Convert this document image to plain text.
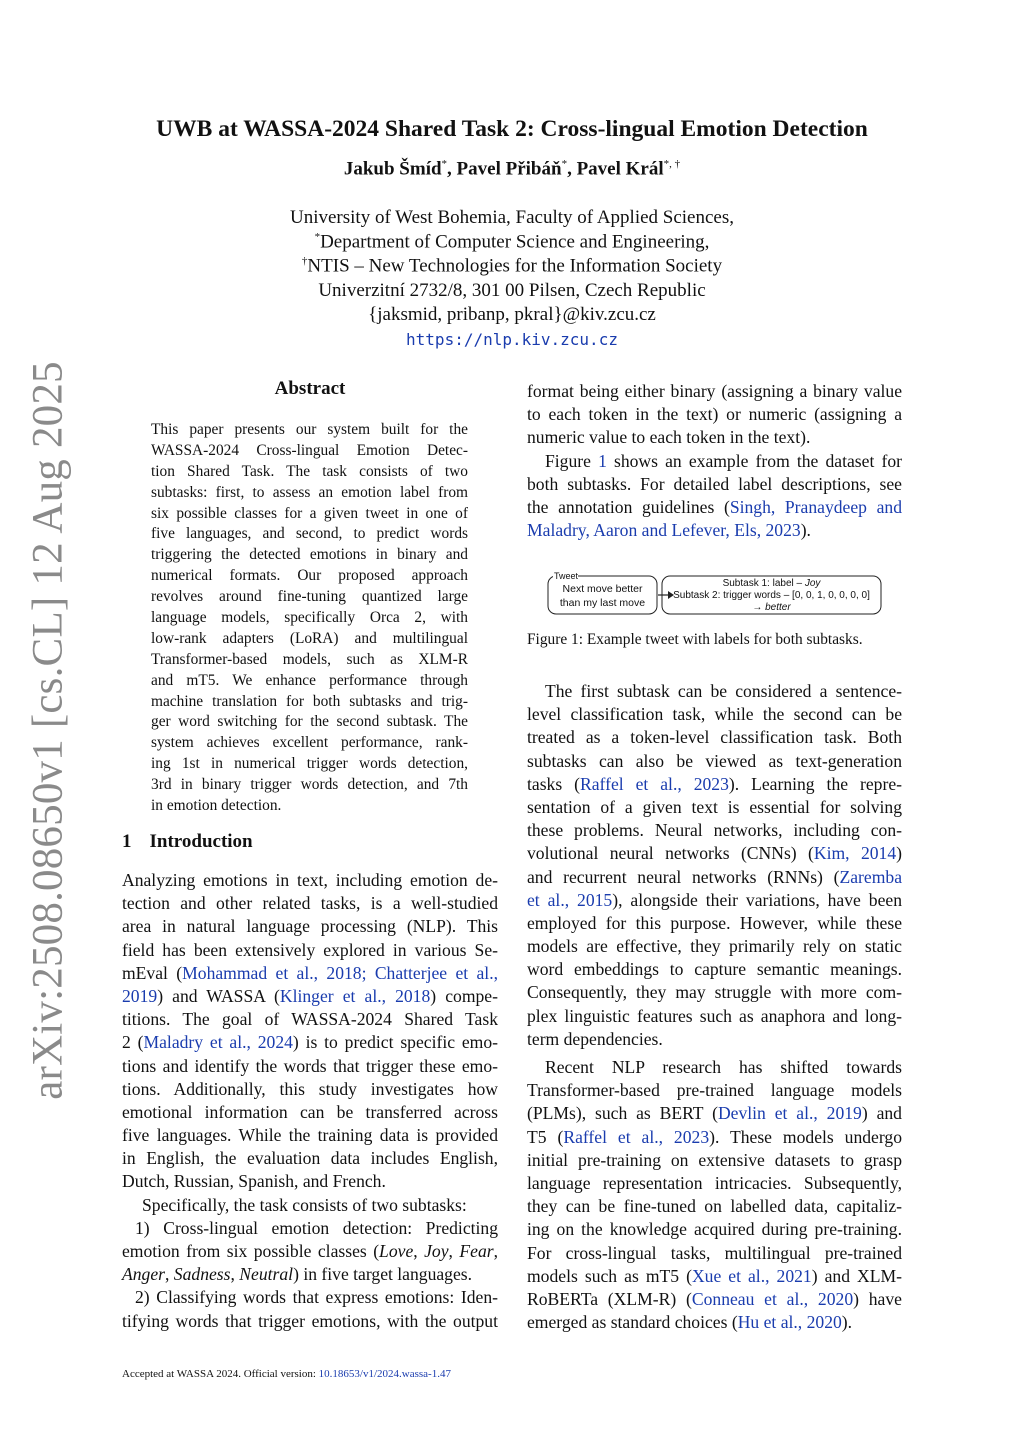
arXiv:2508.08650v1 [cs.CL] 12 Aug 2025
UWB at WASSA-2024 Shared Task 2: Cross-lingual Emotion Detection
Jakub Šmíd*, Pavel Přibáň*, Pavel Král*, †
University of West Bohemia, Faculty of Applied Sciences,
*Department of Computer Science and Engineering,
†NTIS – New Technologies for the Information Society
Univerzitní 2732/8, 301 00 Pilsen, Czech Republic
{jaksmid, pribanp, pkral}@kiv.zcu.cz
https://nlp.kiv.zcu.cz
Abstract
This paper presents our system built for the
WASSA-2024 Cross-lingual Emotion Detec-
tion Shared Task. The task consists of two
subtasks: first, to assess an emotion label from
six possible classes for a given tweet in one of
five languages, and second, to predict words
triggering the detected emotions in binary and
numerical formats. Our proposed approach
revolves around fine-tuning quantized large
language models, specifically Orca 2, with
low-rank adapters (LoRA) and multilingual
Transformer-based models, such as XLM-R
and mT5. We enhance performance through
machine translation for both subtasks and trig-
ger word switching for the second subtask. The
system achieves excellent performance, rank-
ing 1st in numerical trigger words detection,
3rd in binary trigger words detection, and 7th
in emotion detection.
1 Introduction
Analyzing emotions in text, including emotion de-
tection and other related tasks, is a well-studied
area in natural language processing (NLP). This
field has been extensively explored in various Se-
mEval (Mohammad et al., 2018; Chatterjee et al.,
2019) and WASSA (Klinger et al., 2018) compe-
titions. The goal of WASSA-2024 Shared Task
2 (Maladry et al., 2024) is to predict specific emo-
tions and identify the words that trigger these emo-
tions. Additionally, this study investigates how
emotional information can be transferred across
five languages. While the training data is provided
in English, the evaluation data includes English,
Dutch, Russian, Spanish, and French.
Specifically, the task consists of two subtasks:
1) Cross-lingual emotion detection: Predicting
emotion from six possible classes (Love, Joy, Fear,
Anger, Sadness, Neutral) in five target languages.
2) Classifying words that express emotions: Iden-
tifying words that trigger emotions, with the output
format being either binary (assigning a binary value
to each token in the text) or numeric (assigning a
numeric value to each token in the text).
Figure 1 shows an example from the dataset for
both subtasks. For detailed label descriptions, see
the annotation guidelines (Singh, Pranaydeep and
Maladry, Aaron and Lefever, Els, 2023).
Tweet
Next move better
than my last move
Subtask 1: label – Joy
Subtask 2: trigger words – [0, 0, 1, 0, 0, 0, 0]
→ better
Figure 1: Example tweet with labels for both subtasks.
The first subtask can be considered a sentence-
level classification task, while the second can be
treated as a token-level classification task. Both
subtasks can also be viewed as text-generation
tasks (Raffel et al., 2023). Learning the repre-
sentation of a given text is essential for solving
these problems. Neural networks, including con-
volutional neural networks (CNNs) (Kim, 2014)
and recurrent neural networks (RNNs) (Zaremba
et al., 2015), alongside their variations, have been
employed for this purpose. However, while these
models are effective, they primarily rely on static
word embeddings to capture semantic meanings.
Consequently, they may struggle with more com-
plex linguistic features such as anaphora and long-
term dependencies.
Recent NLP research has shifted towards
Transformer-based pre-trained language models
(PLMs), such as BERT (Devlin et al., 2019) and
T5 (Raffel et al., 2023). These models undergo
initial pre-training on extensive datasets to grasp
language representation intricacies. Subsequently,
they can be fine-tuned on labelled data, capitaliz-
ing on the knowledge acquired during pre-training.
For cross-lingual tasks, multilingual pre-trained
models such as mT5 (Xue et al., 2021) and XLM-
RoBERTa (XLM-R) (Conneau et al., 2020) have
emerged as standard choices (Hu et al., 2020).
Accepted at WASSA 2024. Official version: 10.18653/v1/2024.wassa-1.47
